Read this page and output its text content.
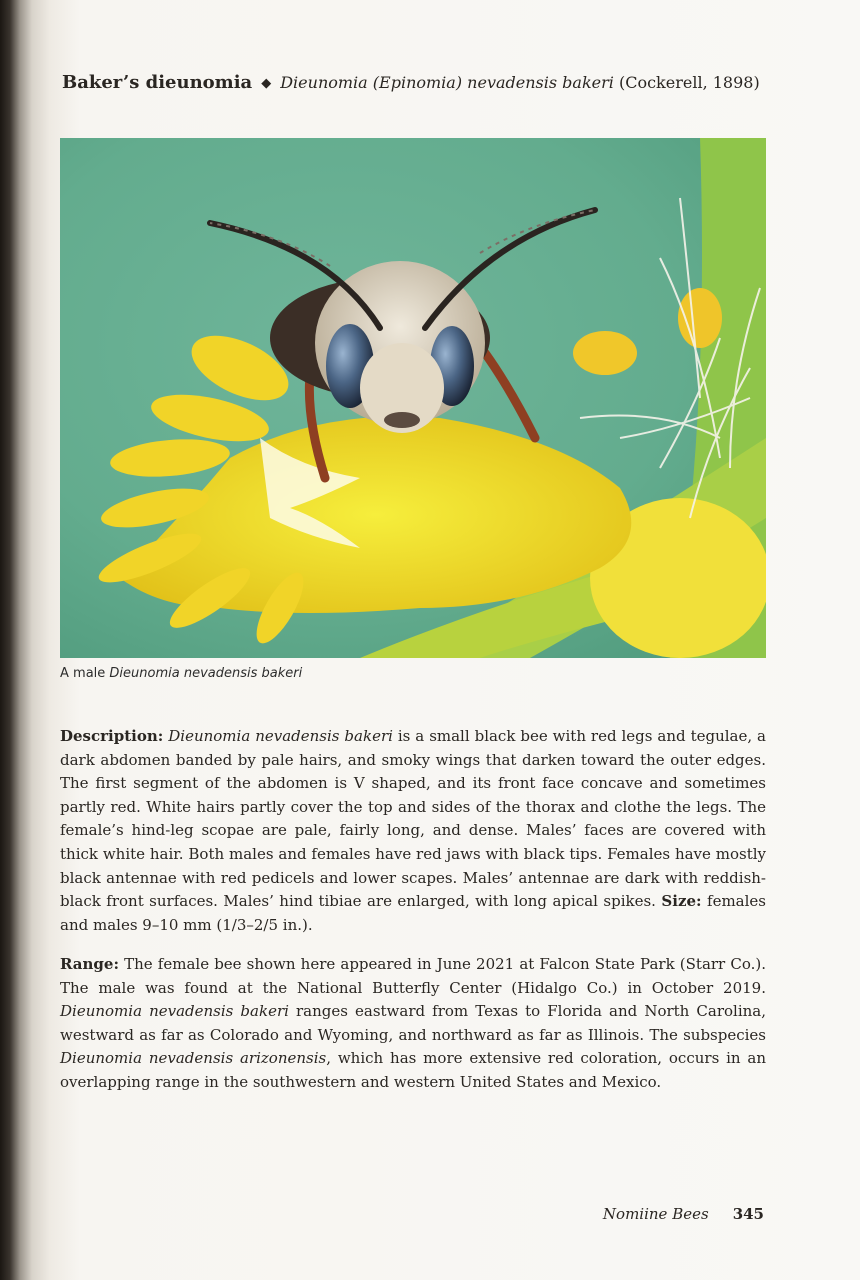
Baker’s dieunomia ◆ Dieunomia (Epinomia) nevadensis bakeri (Cockerell, 1898)
A male Dieunomia nevadensis bakeri

Description: Dieunomia nevadensis bakeri is a small black bee with red legs and tegulae, a dark abdomen banded by pale hairs, and smoky wings that darken toward the outer edges. The first segment of the abdomen is V shaped, and its front face concave and sometimes partly red. White hairs partly cover the top and sides of the thorax and clothe the legs. The female’s hind-leg scopae are pale, fairly long, and dense. Males’ faces are covered with thick white hair. Both males and females have red jaws with black tips. Females have mostly black antennae with red pedicels and lower scapes. Males’ antennae are dark with reddish-black front surfaces. Males’ hind tibiae are enlarged, with long apical spikes. Size: females and males 9–10 mm (1/3–2/5 in.).

Range: The female bee shown here appeared in June 2021 at Falcon State Park (Starr Co.). The male was found at the National Butterfly Center (Hidalgo Co.) in October 2019. Dieunomia nevadensis bakeri ranges eastward from Texas to Florida and North Carolina, westward as far as Colorado and Wyoming, and northward as far as Illinois. The subspecies Dieunomia nevadensis arizonensis, which has more extensive red coloration, occurs in an overlapping range in the southwestern and western United States and Mexico.

Nomiine Bees 345
